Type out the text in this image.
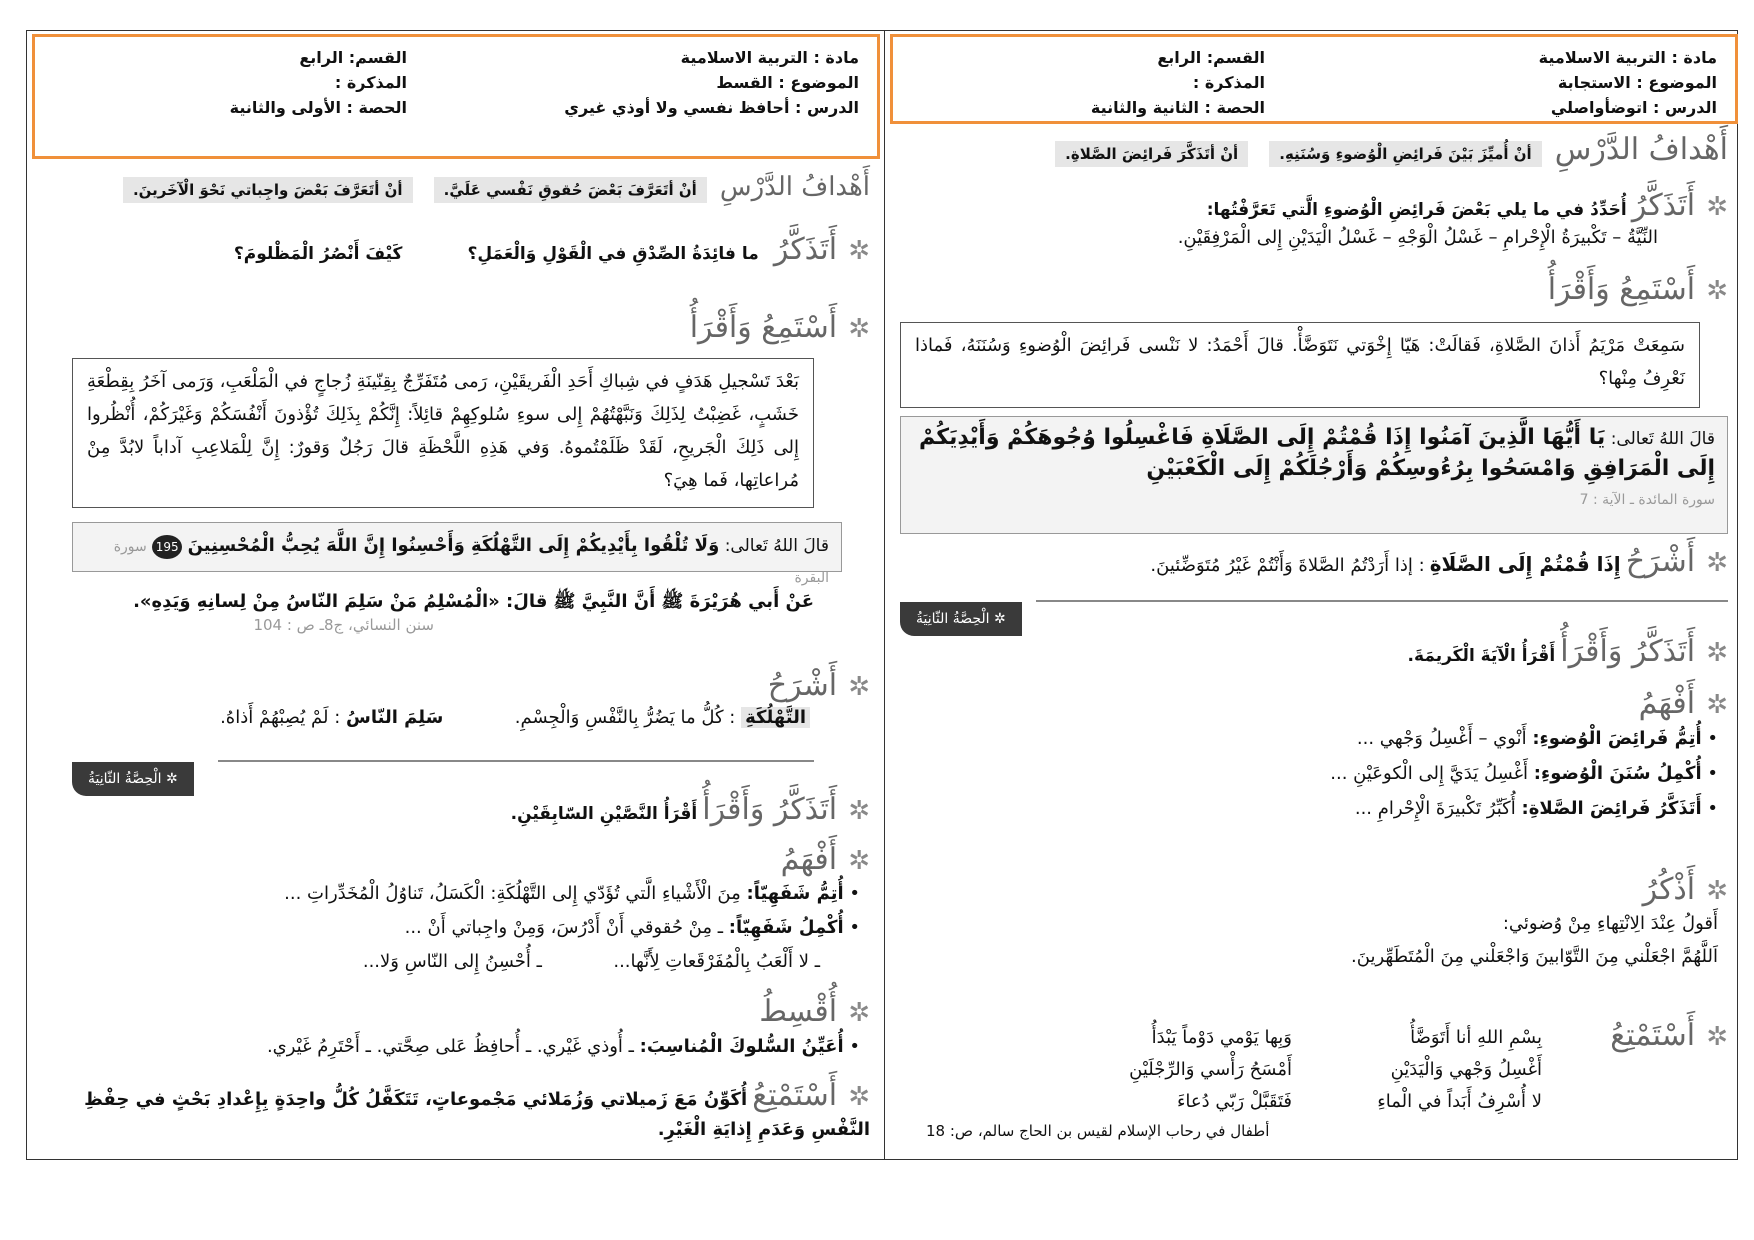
مادة : التربية الاسلامية
الموضوع : الاستجابة
الدرس : اتوضأواصلي
القسم: الرابع
المذكرة :
الحصة : الثانية والثانية
أَهْدافُ الدَّرْسِ أنْ أُميِّزَ بَيْنَ فَرائِضِ الْوُضوءِ وَسُنَنِهِ. أنْ أتَذَكَّرَ فَرائِضَ الصَّلاةِ.
✲ أَتَذَكَّرُ أُحَدِّدُ في ما يلي بَعْضَ فَرائِضِ الْوُضوءِ الَّتي تَعَرَّفْتُها:
النِّيَّةُ – تَكْبيرَةُ الْإِحْرامِ – غَسْلُ الْوَجْهِ – غَسْلُ الْيَدَيْنِ إِلى الْمَرْفِقَيْنِ.
✲ أَسْتَمِعُ وَأَقْرَأُ
سَمِعَتْ مَرْيَمُ أَذانَ الصَّلاةِ، فَقالَتْ: هَيّا إِخْوَتي نَتَوَضَّأْ. قالَ أَحْمَدُ: لا نَنْسى فَرائِضَ الْوُضوءِ وَسُنَنَهُ، فَماذا نَعْرِفُ مِنْها؟
قالَ اللهُ تَعالى: يَا أَيُّهَا الَّذِينَ آمَنُوا إِذَا قُمْتُمْ إِلَى الصَّلَاةِ فَاغْسِلُوا وُجُوهَكُمْ وَأَيْدِيَكُمْ إِلَى الْمَرَافِقِ وَامْسَحُوا بِرُءُوسِكُمْ وَأَرْجُلَكُمْ إِلَى الْكَعْبَيْنِ
سورة المائدة ـ الآية : 7
✲ أَشْرَحُ إِذَا قُمْتُمْ إِلَى الصَّلَاةِ : إذا أَرَدْتُمُ الصَّلاةَ وَأَنْتُمْ غَيْرُ مُتَوَضِّئينَ.
✲ الْحِصَّةُ الثّانِيَةُ
✲ أَتَذَكَّرُ وَأَقْرَأُ أَقْرَأُ الْآيَةَ الْكَريمَةَ.
✲ أَفْهَمُ
• أُتِمُّ فَرائِضَ الْوُضوءِ: أَنْوي – أَغْسِلُ وَجْهي ...
• أُكْمِلُ سُنَنَ الْوُضوءِ: أَغْسِلُ يَدَيَّ إِلى الْكوعَيْنِ ...
• أَتَذَكَّرُ فَرائِضَ الصَّلاةِ: أُكَبِّرُ تَكْبيرَةَ الْإِحْرامِ ...
✲ أَذْكُرُ
أَقولُ عِنْدَ الِانْتِهاءِ مِنْ وُضوئي:
اَللَّهُمَّ اجْعَلْني مِنَ التَّوّابينَ وَاجْعَلْني مِنَ الْمُتَطَهِّرينَ.
✲ أَسْتَمْتِعُ
بِسْمِ اللهِ أنا أَتَوَضَّأُ
أَغْسِلُ وَجْهي وَالْيَدَيْنِ
لا أُسْرِفُ أَبَداً في الْماءِ
وَبِها يَوْمي دَوْماً يَبْدَأُ
أَمْسَحُ رَأْسي وَالرِّجْلَيْنِ
فَتَقَبَّلْ رَبّي دُعاءَ
أطفال في رحاب الإسلام لقيس بن الحاج سالم، ص: 18
مادة : التربية الاسلامية
الموضوع : القسط
الدرس : أحافظ نفسي ولا أوذي غيري
القسم: الرابع
المذكرة :
الحصة : الأولى والثانية
أَهْدافُ الدَّرْسِ أنْ أتَعَرَّفَ بَعْضَ حُقوقِ نَفْسي عَلَيَّ. أنْ أتَعَرَّفَ بَعْضَ واجِباتي نَحْوَ الْآخَرينَ.
✲ أَتَذَكَّرُ ما فائِدَةُ الصِّدْقِ في الْقَوْلِ وَالْعَمَلِ؟ كَيْفَ أَنْصُرُ الْمَظْلومَ؟
✲ أَسْتَمِعُ وَأَقْرَأُ
بَعْدَ تَسْجيلِ هَدَفٍ في شِباكِ أَحَدِ الْفَريقَيْنِ، رَمى مُتَفَرِّجٌ بِقِنّينَةِ زُجاجٍ في الْمَلْعَبِ، وَرَمى آخَرُ بِقِطْعَةِ خَشَبٍ، غَضِبْتُ لِذَلِكَ وَنَبَّهْتُهُمْ إِلى سوءِ سُلوكِهِمْ قائِلاً: إِنَّكُمْ بِذَلِكَ تُؤْذونَ أَنْفُسَكُمْ وَغَيْرَكُمْ، أُنْظُروا إِلى ذَلِكَ الْجَريحِ، لَقَدْ ظَلَمْتُموهُ. وَفي هَذِهِ اللَّحْظَةِ قالَ رَجُلٌ وَقورٌ: إِنَّ لِلْمَلاعِبِ آداباً لابُدَّ مِنْ مُراعاتِها، فَما هِيَ؟
قالَ اللهُ تَعالى: وَلَا تُلْقُوا بِأَيْدِيكُمْ إِلَى التَّهْلُكَةِ وَأَحْسِنُوا إِنَّ اللَّهَ يُحِبُّ الْمُحْسِنِينَ 195 سورة البقرة
عَنْ أَبي هُرَيْرَةَ ﷺ أَنَّ النَّبِيَّ ﷺ قالَ: «الْمُسْلِمُ مَنْ سَلِمَ النّاسُ مِنْ لِسانِهِ وَيَدِهِ».
سنن النسائي، ج8ـ ص : 104
✲ أَشْرَحُ
التَّهْلُكَةِ : كُلُّ ما يَضُرُّ بِالنَّفْسِ وَالْجِسْمِ.  سَلِمَ النّاسُ : لَمْ يُصِبْهُمْ أَذاهُ.
✲ الْحِصَّةُ الثّانِيَةُ
✲ أَتَذَكَّرُ وَأَقْرَأُ أَقْرَأُ النَّصَّيْنِ السّابِقَيْنِ.
✲ أَفْهَمُ
• أُتِمُّ شَفَهِيّاً: مِنَ الْأَشْياءِ الَّتي تُؤَدّي إِلى التَّهْلُكَةِ: الْكَسَلُ، تَناوُلُ الْمُخَدِّراتِ ...
• أُكْمِلُ شَفَهِيّاً: ـ مِنْ حُقوقي أَنْ أَدْرُسَ، وَمِنْ واجِباتي أَنْ ...
ـ لا أَلْعَبُ بِالْمُفَرْقَعاتِ لِأَنَّها...  ـ أُحْسِنُ إِلى النّاسِ وَلا...
✲ أُقْسِطُ
• أُعَيِّنُ السُّلوكَ الْمُناسِبَ: ـ أُوذي غَيْري. ـ أُحافِظُ عَلى صِحَّتي. ـ أَحْتَرِمُ غَيْري.
✲ أَسْتَمْتِعُ أُكَوِّنُ مَعَ زَميلاتي وَزُمَلائي مَجْموعاتٍ، تَتَكَفَّلُ كُلُّ واحِدَةٍ بِإِعْدادِ بَحْثٍ في حِفْظِ النَّفْسِ وَعَدَمِ إِذايَةِ الْغَيْرِ.
